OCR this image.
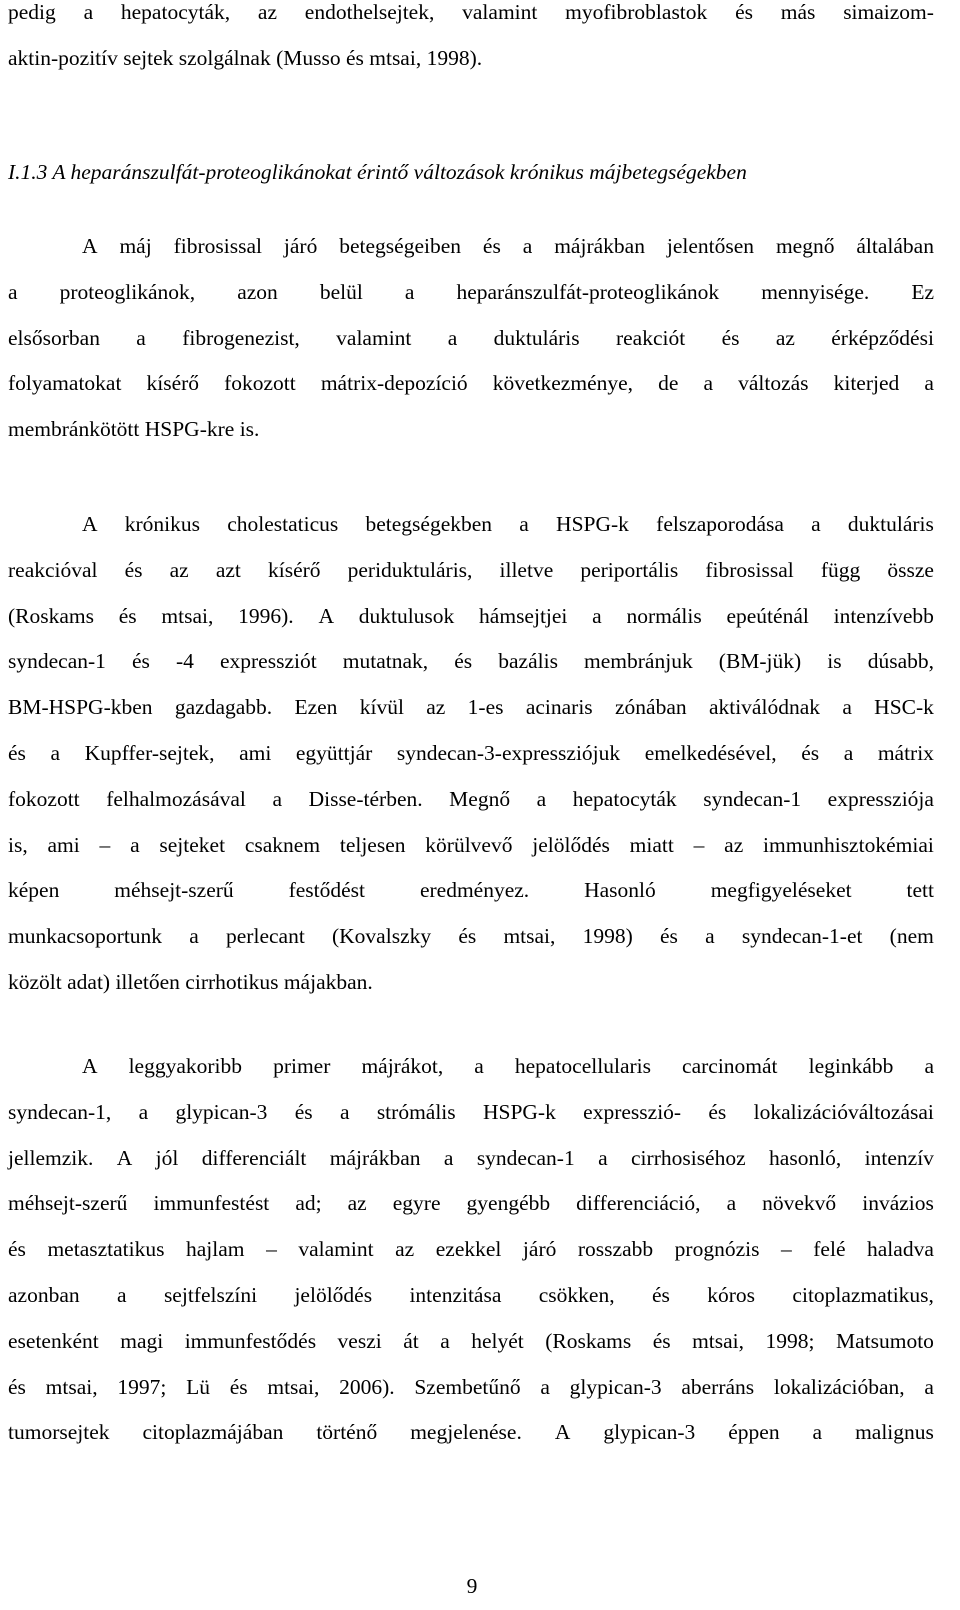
pedig a hepatocyták, az endothelsejtek, valamint myofibroblastok és más simaizom-
aktin-pozitív sejtek szolgálnak (Musso és mtsai, 1998).
I.1.3 A heparánszulfát-proteoglikánokat érintő változások krónikus májbetegségekben
A máj fibrosissal járó betegségeiben és a májrákban jelentősen megnő általában
a proteoglikánok, azon belül a heparánszulfát-proteoglikánok mennyisége. Ez
elsősorban a fibrogenezist, valamint a duktuláris reakciót és az érképződési
folyamatokat kísérő fokozott mátrix-depozíció következménye, de a változás kiterjed a
membránkötött HSPG-kre is.
A krónikus cholestaticus betegségekben a HSPG-k felszaporodása a duktuláris
reakcióval és az azt kísérő periduktuláris, illetve periportális fibrosissal függ össze
(Roskams és mtsai, 1996). A duktulusok hámsejtjei a normális epeúténál intenzívebb
syndecan-1 és -4 expressziót mutatnak, és bazális membránjuk (BM-jük) is dúsabb,
BM-HSPG-kben gazdagabb. Ezen kívül az 1-es acinaris zónában aktiválódnak a HSC-k
és a Kupffer-sejtek, ami együttjár syndecan-3-expressziójuk emelkedésével, és a mátrix
fokozott felhalmozásával a Disse-térben. Megnő a hepatocyták syndecan-1 expressziója
is, ami – a sejteket csaknem teljesen körülvevő jelölődés miatt – az immunhisztokémiai
képen	méhsejt-szerű	festődést	eredményez.	Hasonló	megfigyeléseket	tett
munkacsoportunk a perlecant (Kovalszky és mtsai, 1998) és a syndecan-1-et (nem
közölt adat) illetően cirrhotikus májakban.
A leggyakoribb primer májrákot, a hepatocellularis carcinomát leginkább a
syndecan-1, a glypican-3 és a strómális HSPG-k expresszió- és lokalizációváltozásai
jellemzik. A jól differenciált májrákban a syndecan-1 a cirrhosiséhoz hasonló, intenzív
méhsejt-szerű immunfestést ad; az egyre gyengébb differenciáció, a növekvő invázios
és metasztatikus hajlam – valamint az ezekkel járó rosszabb prognózis – felé haladva
azonban a sejtfelszíni jelölődés intenzitása csökken, és kóros citoplazmatikus,
esetenként magi immunfestődés veszi át a helyét (Roskams és mtsai, 1998; Matsumoto
és mtsai, 1997; Lü és mtsai, 2006). Szembetűnő a glypican-3 aberráns lokalizációban, a
tumorsejtek citoplazmájában történő megjelenése. A glypican-3 éppen a malignus
9
